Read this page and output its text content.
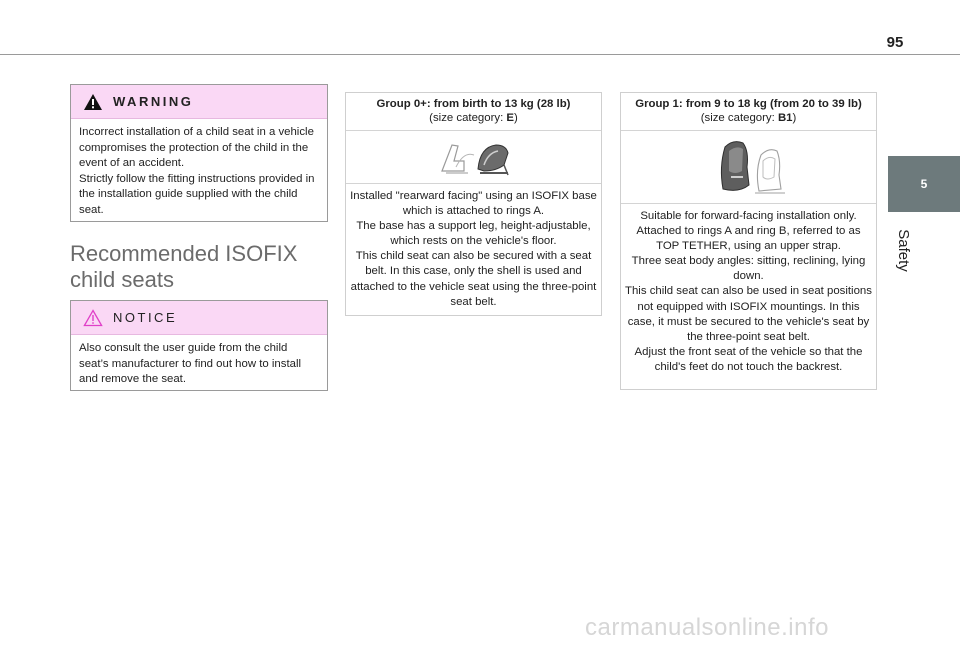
95
5
Safety
WARNING

Incorrect installation of a child seat in a vehicle compromises the protection of the child in the event of an accident.

Strictly follow the fitting instructions provided in the installation guide supplied with the child seat.

Recommended ISOFIX
child seats
NOTICE

Also consult the user guide from the child seat’s manufacturer to find out how to install and remove the seat.

Group 0+: from birth to 13 kg (28 lb)
(size category: E)

Installed "rearward facing" using an ISOFIX base which is attached to rings A.

The base has a support leg, height-adjustable, which rests on the vehicle's floor.

This child seat can also be secured with a seat belt. In this case, only the shell is used and attached to the vehicle seat using the three-point seat belt.

Group 1: from 9 to 18 kg (from 20 to 39 lb)
(size category: B1)

Suitable for forward-facing installation only.

Attached to rings A and ring B, referred to as TOP TETHER, using an upper strap.

Three seat body angles: sitting, reclining, lying down.

This child seat can also be used in seat positions not equipped with ISOFIX mountings. In this case, it must be secured to the vehicle's seat by the three-point seat belt.

Adjust the front seat of the vehicle so that the child's feet do not touch the backrest.

carmanualsonline.info
